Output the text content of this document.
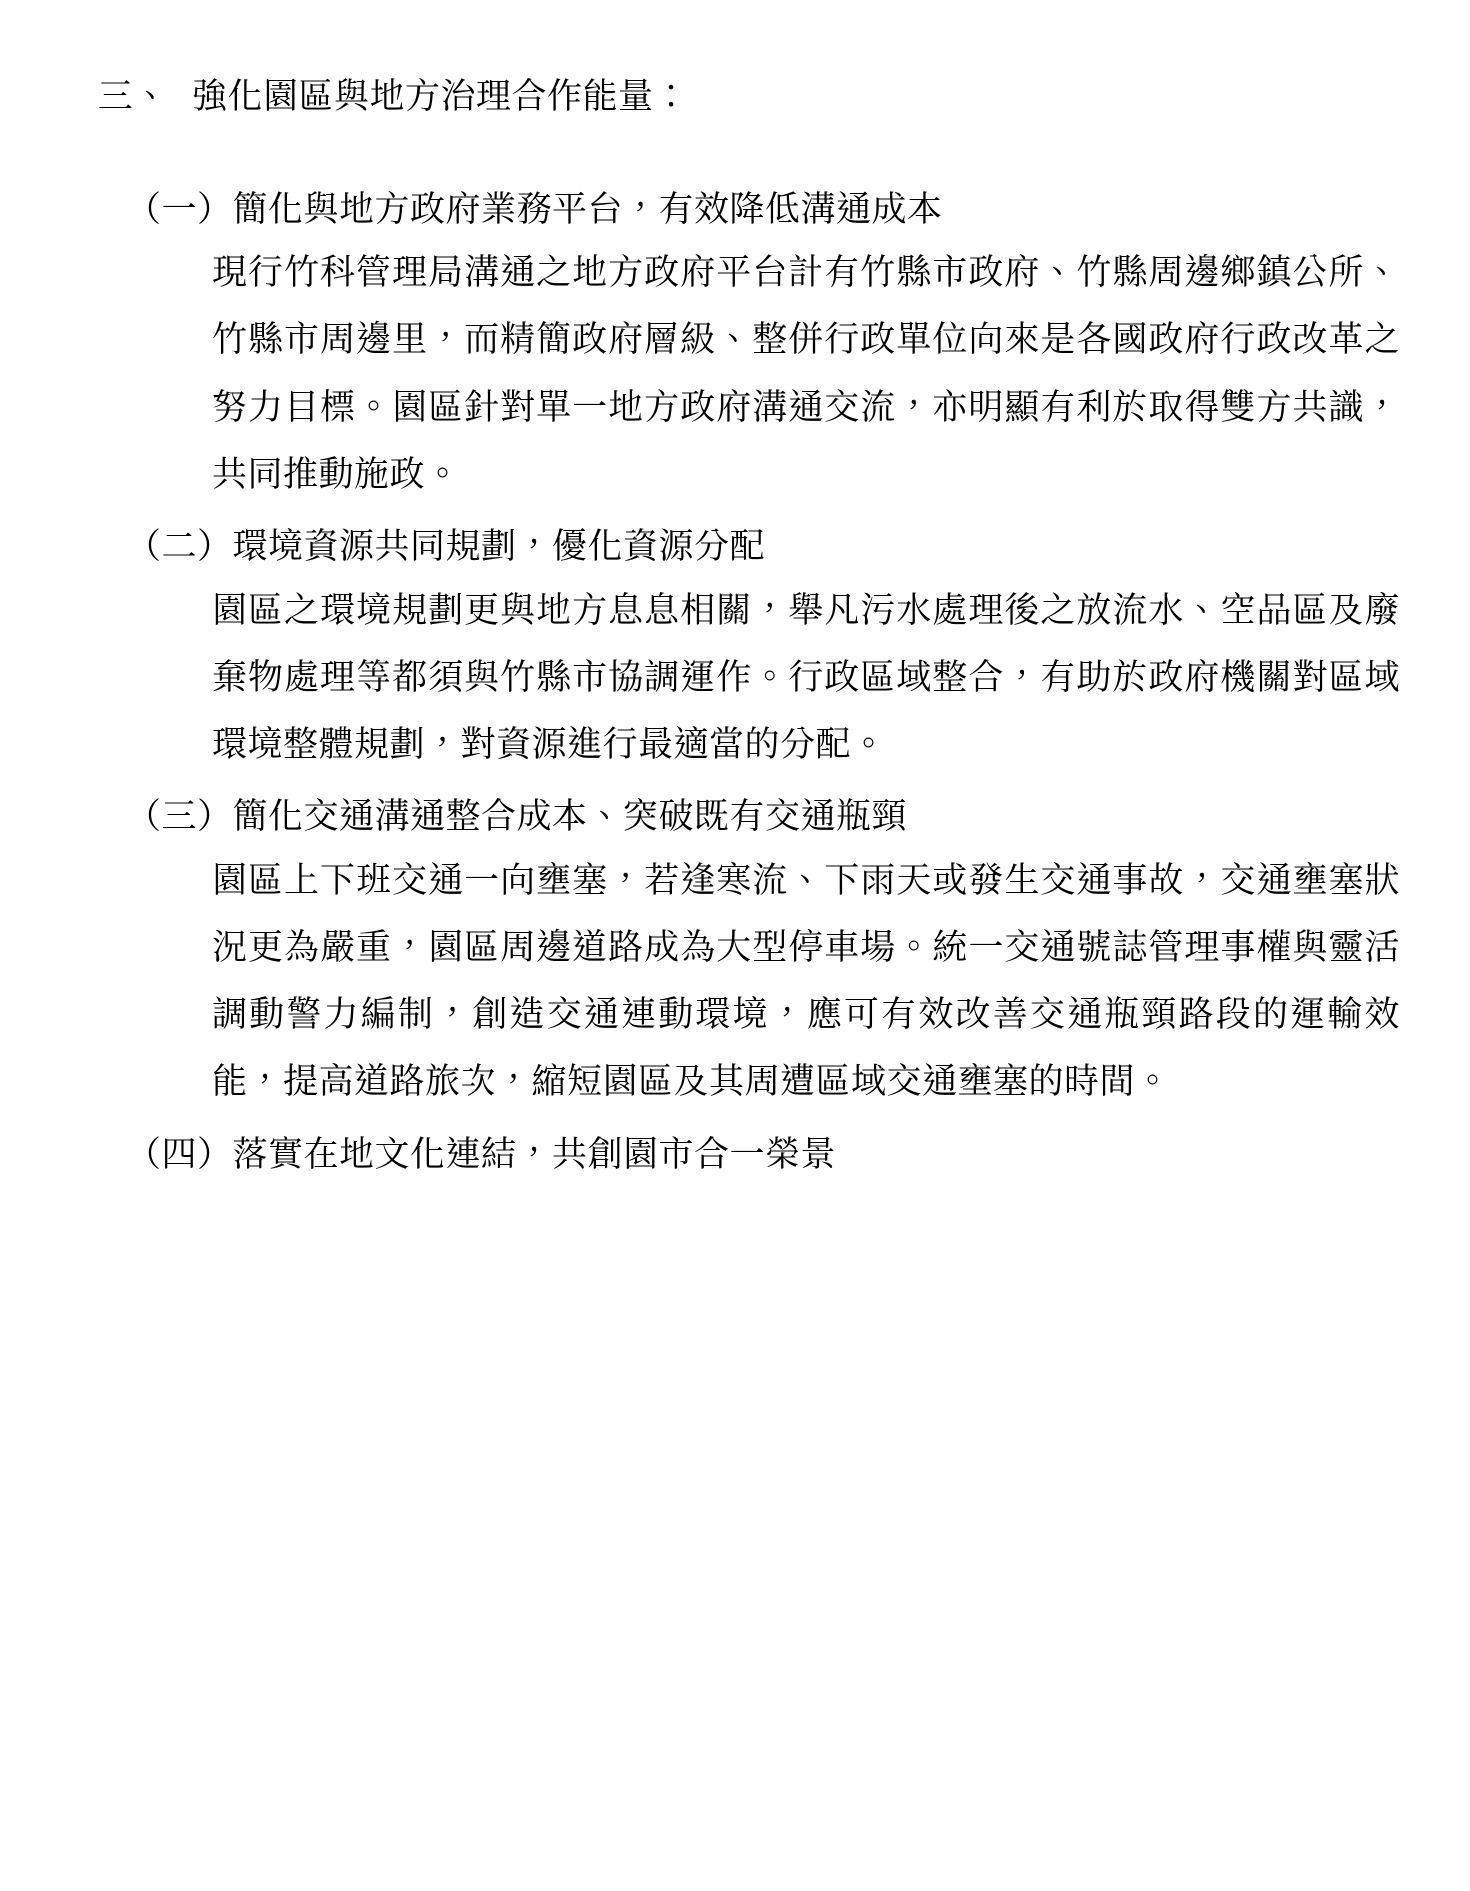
三、 強化園區與地方治理合作能量：

（一）簡化與地方政府業務平台，有效降低溝通成本
現行竹科管理局溝通之地方政府平台計有竹縣市政府、竹縣周邊鄉鎮公所、竹縣市周邊里，而精簡政府層級、整併行政單位向來是各國政府行政改革之努力目標。園區針對單一地方政府溝通交流，亦明顯有利於取得雙方共識，共同推動施政。
（二）環境資源共同規劃，優化資源分配
園區之環境規劃更與地方息息相關，舉凡污水處理後之放流水、空品區及廢棄物處理等都須與竹縣市協調運作。行政區域整合，有助於政府機關對區域環境整體規劃，對資源進行最適當的分配。
（三）簡化交通溝通整合成本、突破既有交通瓶頸
園區上下班交通一向壅塞，若逢寒流、下雨天或發生交通事故，交通壅塞狀況更為嚴重，園區周邊道路成為大型停車場。統一交通號誌管理事權與靈活調動警力編制，創造交通連動環境，應可有效改善交通瓶頸路段的運輸效能，提高道路旅次，縮短園區及其周遭區域交通壅塞的時間。
（四）落實在地文化連結，共創園市合一榮景
